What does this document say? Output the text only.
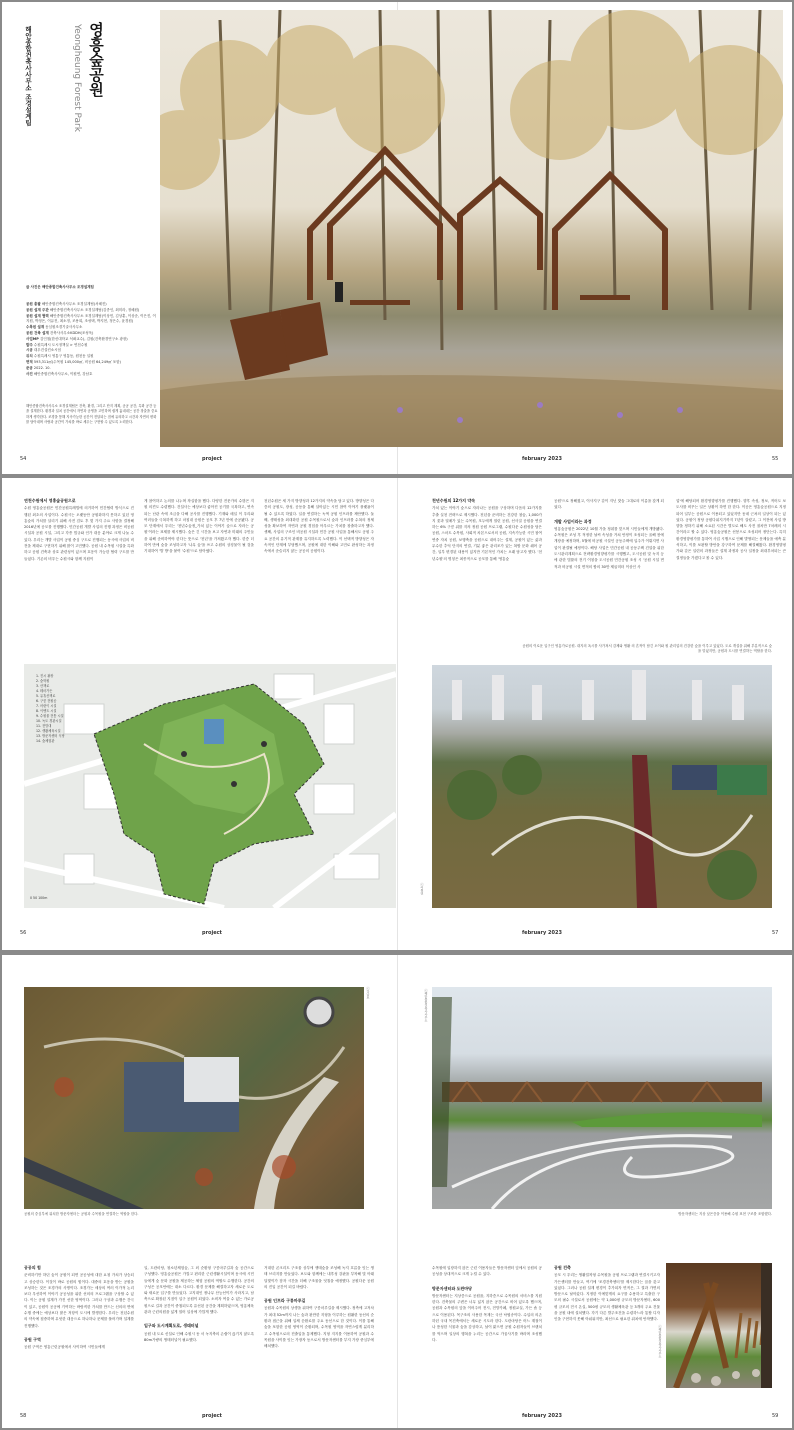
영흥숲공원
Yeongheung Forest Park
해안종합건축사사무소 조경설계팀
글 사진은 해안종합건축사사무소 조경설계팀
공원 총괄 해안종합건축사사무소 조경설계팀(서혜진)
공원 설계 주관 해안종합건축사사무소 조경설계팀(김종인, 최미라, 정혜원)
공원 설계 협력 해안종합건축사사무소 조경설계팀(이상민, 김상훈, 이상준, 이은진, 이지원, 박정은, 이유진, 최소정, 조용희, 조성택, 박지현, 정은수, 윤경원)
수목원 설계 동심원조경기술사사무소
공원 건축 설계 건축사사무소KDDH(조성욱)
사업MP 김인철(한신대학교 석좌교수), 김원(건축환경연구소 광장)
발주 수원특례시 도시정책실 > 연천수원
시공 대우건설컨소시엄
위치 수원특례시 영통구 영통동, 원천동 일원
면적 593,311㎡(수목원 145,000㎡, 비공원 64,249㎡ 포함)
준공 2022. 10.
사진 해안종합건축사사무소, 이원연, 강남호
해안종합건축사사무소 조경설계팀은 건축, 환경, 그리고 단지 계획, 공공 공간, 특화 공간 등을 설계한다. 환경과 일치 공간에서 자연과 공생을 고민하며 쉽게 흉내내는 공간 창출을 중요하게 생각한다. 조경을 통해 지속가능한 공간이 전달되는 점에 유의하고 시간과 자연의 변화를 담아내며 사람과 공간이 가치를 바로 세우는 구현할 수 있도록 노력한다.
54	project	february 2023	55
연천수원에서 영흥숲공원으로

수원 영흥숲공원은 민간공원특례법에 의거하여 민간협력 방식으로 진행된 최초의 사업이다. 수원시는 오랫동안 공원화하지 못하고 있던 영흥숲의 가치를 살리기 위해 사전 검토 후 몇 가지 주요 사항을 결정해 2016년에 공모를 진행했다. 민간공원 개발 사업의 진행 과정은 비공원 시설과 공원 시설, 그리고 각종 법규와 인가 대응 분야로 크게 나눌 수 있다. 우리는 개발 사업이 공원 중심 구도로 진행되는 동시에 사업의 비전을 제대로 구현하기 위해 많이 고민했다. 공원 내 수목원 시설을 특화하고 공원 건축과 상호 관련성이 있으며 호응이 가능한 협력 구도를 만들었다. 기존의 비우는 수원시와 함께 지원이

게 참여하고 논의를 나누며 착실함을 했다. 다양한 전문가의 수많은 지원 의견도 수렴했다. 건설사는 예상보다 좋아진 공기를 국복하고, 연속되는 난관 속에 조금을 다해 공사를 진행했다. 기재와 매일 이 우리와 여러들을 극복하게 하고 마침내 공원은 공모 후 7년 만에 준공됐다. 공모 단계에서 우리는 '천년수숲정_가치 있는 이야기 숲으로 자라는 공원'이라는 표제를 제시했다. 숲은 긴 시간을 보고 자연과 미래의 주민들을 위해 준비하여야 한다는 뜻으로 '천년'을 가져왔고자 했다. 한층 더 하여 만에 숲을 조성하고자 '나무 숲'을 쓰고 수원의 상징물이 될 것을 기대하여 '발 방'을 붙여 '수원'으로 담아냈다.

천년수원은 세 가지 방향성과 12가지의 약속을 담고 있다. 방향성은 다층의 공원도, 장성, 공동을 통해 살아있는 시민 참여 이야기 플랫폼이 될 수 있도록 하였다. 일을 연결하는 녹색 공원 인프라를 제안했다. 둘째, 생태성을 최대화한 공원 수목원으로서 숲과 인프라를 수복의 정체성을 확보하여 자연과 공원 경험을 아우르는 가치를 창출하고자 했다. 셋째, 사업의 구조인 비공원 시설과 민간 공원 사업을 통해서도 공원 주요 공간의 유기적 관계를 유지하도록 노력했다. 이 선택적 방향성은 자속적인 단계에 부담했으며, 공원에 대한 이해와 고민로 완성하는 과정 속에서 준슬리지 않는 공공의 공원이다.

천년수원의 12가지 약속

가치 있는 이야기 숲으로 자라나는 공원을 구상하며 다음의 12가지를 추출 실천 전략으로 제시했다. 천년을 준비하는 건강한 참숲, 1,000가지 꽃과 열매가 있는 수목원, 모두에게 열린 공원, 선사질 공원을 연결하는 6% 구릉 위를 지켜 정원 공원 프로그램, 수원다운 수원성을 담은 공원, 스마트 수목원, 사회적 차본으로서의 공원, 지속가능한 시민 참여 연중 자치 공원, 보행축을 공원으로 내어주는 설계, 공원이 있는 삶과 무수한 추억 단지의 연결, 기분 좋은 관리조가 있는 복합 문화 쉐어 공간, 일부 변경된 내용이 있지만 기본적인 가치는 오래 담고자 했다. '천년수원'의 명칭은 최종적으로 공모를 통해 '영흥숲

공원'으로 정해졌고, 이사지구 같이 지닌 맛습 그대로의 이름을 갖게 되었다.

개발 사업이라는 과정

영흥숲공원은 2022년 10월 가을 정취를 맞으며 시민들에게 개방됐다. 수목원은 조성 후 적정한 날씨 속성을 거쳐 안정이 조성되는 올해 봄에 개장을 예정하며, 5월에 비공원 시설인 공동주택에 입주가 이뤄지면 사업이 완결될 예정이다. 해당 사업은 민간공원 내 공동주택 건설을 위한 도시관리계획으로 전략환경영향평가를 시행했고, 도시공원 및 녹지 등에 관한 법률의 전기 이칭을 도시공원 민간공원 조성 시 '공원 시설 면적과 비공원 시설 면적의 합의 30만 제곱미터 이상인 사

업'에 해당되어 환경영향평가를 진행했다. 향후 속성, 정보, 적어도 보도사를 비꾸는 일은 상황이 하면 한 한다. 이공은 영흥숲공원으로 지정되어 일부는 공원으로 이용되고 있었지만 동네 근처의 일상이 되는 있었다. 공원이 정당 공원다워지기까지 7년이 걸렸고, 그 이전에 사업 방향을 정하기 위해 소요된 시간은 별도로 해도 사전 절차만 7차례의 시간이라고 할 수 있다. 영흥숲공원은 선봉으로 조성되어 정단는다. 특히 환경영향평가를 통하여 사업 시행으로 인해 발생되는 문제들을 예측 분석하고, 이를 보완할 방안을 강구하여 문제를 해결해왔다. 환경영향평가와 같은 일련의 과정들은 설계 과정과 공사 일정을 최대부차되는 큰 결정들을 가졌다고 볼 수 있다.

1. 진시 광장
2. 숲학원
3. 산책로
4. 테마가든
5. 유휴산책로
6. 구릉 전원공
7. 어린이 시설
8. 이벤트 시설
9. 수원물 전통 시설
10. 녹도 경관시설
11. 전망대
12. 생활체육시설
13. 방문자센터 식당
14. 숲체험관
0 50 100m
공원의 이로운 입구인 영흥가로공원. 대지의 옥시를 사가져서 감제와 생활 의 흔적이 담긴 오이와 원 관리업의 건강한 숲을 이루고 있었다. 도로 개설을 위해 부분적으로 숲을 밑었지만, 공원과 도시를 연결하는 역할을 한다.
ⓒ이원연
56	project	february 2023	57
ⓒ강남호
공원의 중심부에 위치한 방문자센터는 공원과 수목원을 연결하는 역할을 한다.
ⓒ해안종합건축사사무소
방문자센터는 지상 낮은층을 이용해 수원 표현 구조를 조합했다.
공공의 힘

준비하기만 하던 숲이 공원이 되면 공공성에 대한 요청 가치가 상승되고 상승한다. 이것이 바로 공원의 힘이다. 대중의 호응을 받는 공원을 조성하는 것은 조경가의 사명이다. 조경가는 세상의 여러 이가적 논리보다 우선하여 이야기 공공성을 위한 선의의 프로그램을 구상할 수 있다. 이는 공원 설계가 가진 선한 영역이다. 그러나 구상과 수행은 간극이 있고, 공원이 공공에 기여하는 바람직한 가치를 만드는 신의의 면에 수행 중에는 예상보다 많은 저항이 도시에 발생한다. 우리는 천년수원의 약속에 집중하며 무엇한 대응으로 하나하나 문제를 풀어가며 설계를 진행했다.

공원 구역

공원 구역은 영흥근린공원에서 사이하여 시민들에게

일, 도란마당, 청소년체험숲, 그 외 순환형 구릉마루길과 숲 공간으로 구성했다. 영흥숲공원은 가깝고 편리한 근린생활시설이며 동시에 시민들에게 숲 문화 공원을 제공하는 체험 공원의 역할도 수행한다. 공간의 구성은 공모안에는 대소 다르다. 환경 문제를 해결하고자 새로운 도로와 새로운 입구를 만들었다. 고지대인 정나무 산능선이가 사라지고, 남측으로 확장된 지점이 입구 공원이 되었다. 소비자 여울 수 있는 가로공원으로 길과 공간이 중첩되도록 유선된 공간을 계획하였으며, 영흥체육관과 근린의원을 넓게 열어 일상에 가깝게 했다.

입구와 도시계획도로, 생태터널

공원 내 도로 신설로 인해 수원시 동 서 녹지축의 손쉽이 끊기지 않도록 80m가량의 생태터널이 필요했다.

거대한 콘크리트 구조물 상부에 생태숲을 조성해 녹지 흐름을 잇는 생태 브리지를 만들었다. 보도와 함께에는 내후성 강판을 부착해 빛 아래 달빛이가 잠자 시간을 더해 구조물을 덧칠을 예정했다. 공원다운 공원의 진입 공간이 되길 바랐다.

공원 인프라 구릉마루길

공원과 수목원의 상생을 위하여 구릉마루길을 제시했다. 정측에 고저차가 최대 52m까지 나는 숲과 완만한 지형을 이루하는 원활한 동선의 순환과 접근을 위해 입체 순환로를 주요 동선으로 한 것이다. 이를 통해 숲을 포함한 공원 영역이 순환되며, 수목원 영역을 자연스럽게 분리하고 수목원으로의 진출입을 통제했다. 지형 지지를 이용하여 공원과 수목원을 사이를 잇는 가장자 동으로서 방문자센터를 부지 가장 중심부에 배치했다.

수목원에 입장하지 않은 근린 이용자들은 방문자센터 앞에서 공원의 공공성을 상대적으로 크게 누릴 수 있다.

방문자센터와 도란마당

방문자센터는 지상층으로 공원을, 지하층으로 수목원의 서비스를 지원한다. 건축물의 주변은 너무 넓지 않은 공간으로 비어 있도록 했으며, 공원과 수목원의 앞을 이어주어 전시, 전망카페, 정원교실, 가든 숍 등으로 이용된다. 목구조의 사용한 목재는 국산 낙엽송이다. 수입의 의존하던 국내 목건축에서는 새로운 시도라 한다. 도란마당은 어느 계절이나 풍성한 식물과 숲을 감상하고, 날이 맑으면 공원 수원자들이 브랜치를 먹으며 일상의 행복을 누리는 공간으로 가꿈사기를 바라며 조성했다.

공원 건축

공모 시 우리는 생활밀착형 수목원을 공원 프로그램과 연결시키고자 가든센터를 만들고, 여기에 '조경건축센터'를 제시한다는 꿈을 갖고 있었다. 그러나 공원 설계 변경이 추가되자 면적은, 그 결과 가면의 방문으로 날아갔다. 지정한 이에맞게의 요구를 수용하고 특출한 구모의 필수 시설로서 공원에는 약 1,000평 규모의 방문자센터, 600평 규모의 전시 온실, 500평 규모의 생활체육관 등 3개의 주요 건물을 공원 내에 설치했다. 각기 다른 발주조건을 수렴하느라 통합 디자인을 구현하지 못해 아쉬워지만, 최선으로 필요한 위치에 안착했다.

ⓒ해안종합건축사사무소
58	project	february 2023	59
